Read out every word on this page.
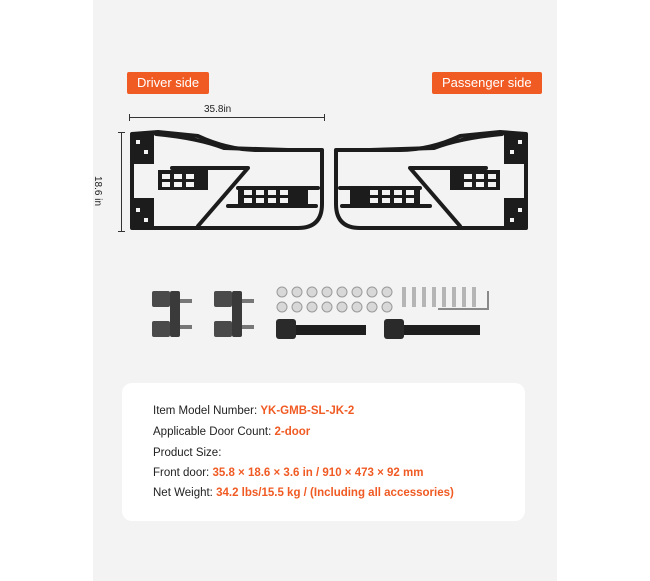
Driver side	Passenger side
35.8in
18.6 in
Item Model Number: YK-GMB-SL-JK-2
Applicable Door Count: 2-door
Product Size:
Front door: 35.8 × 18.6 × 3.6 in / 910 × 473 × 92 mm
Net Weight: 34.2 lbs/15.5 kg / (Including all accessories)
